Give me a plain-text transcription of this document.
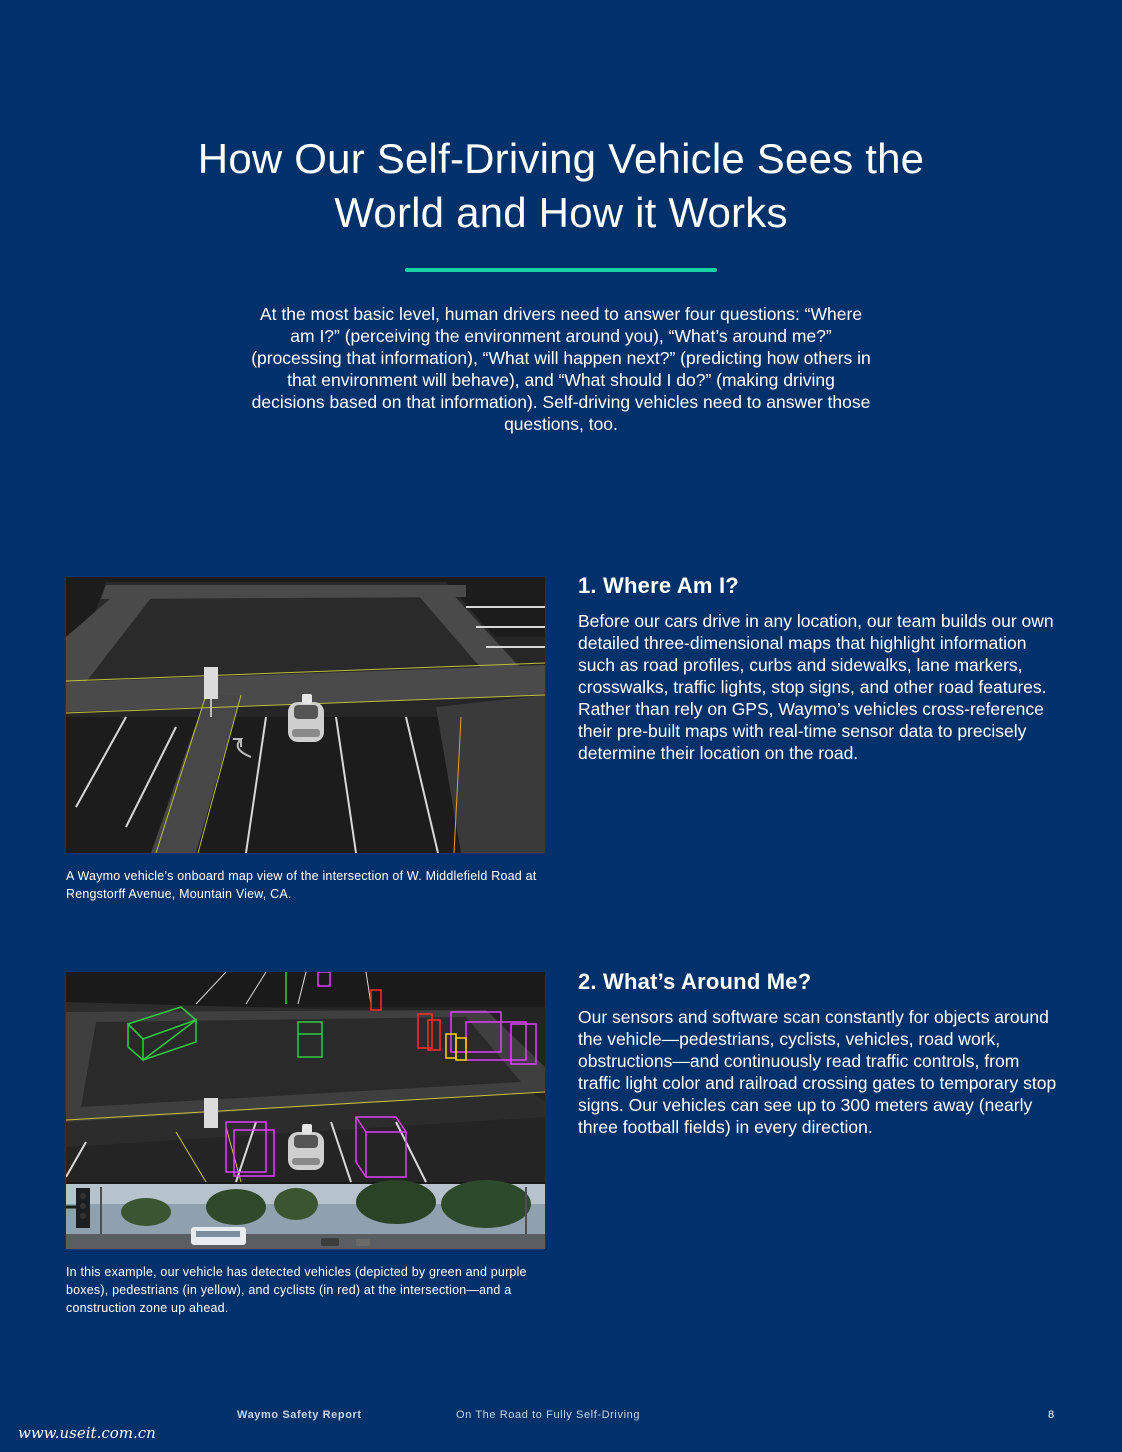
How Our Self-Driving Vehicle Sees the World and How it Works

At the most basic level, human drivers need to answer four questions: “Where am I?” (perceiving the environment around you), “What’s around me?” (processing that information), “What will happen next?” (predicting how others in that environment will behave), and “What should I do?” (making driving decisions based on that information). Self-driving vehicles need to answer those questions, too.

A Waymo vehicle’s onboard map view of the intersection of W. Middlefield Road at Rengstorff Avenue, Mountain View, CA.

1. Where Am I?

Before our cars drive in any location, our team builds our own detailed three-dimensional maps that highlight information such as road profiles, curbs and sidewalks, lane markers, crosswalks, traffic lights, stop signs, and other road features. Rather than rely on GPS, Waymo’s vehicles cross-reference their pre-built maps with real-time sensor data to precisely determine their location on the road.

In this example, our vehicle has detected vehicles (depicted by green and purple boxes), pedestrians (in yellow), and cyclists (in red) at the intersection—and a construction zone up ahead.

2. What’s Around Me?

Our sensors and software scan constantly for objects around the vehicle—pedestrians, cyclists, vehicles, road work, obstructions—and continuously read traffic controls, from traffic light color and railroad crossing gates to temporary stop signs. Our vehicles can see up to 300 meters away (nearly three football fields) in every direction.

Waymo Safety Report	On The Road to Fully Self-Driving	8
www.useit.com.cn
